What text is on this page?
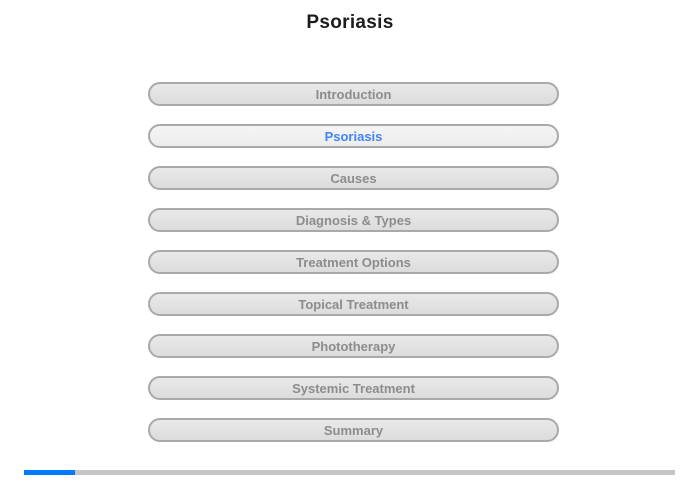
Psoriasis
Introduction
Psoriasis
Causes
Diagnosis & Types
Treatment Options
Topical Treatment
Phototherapy
Systemic Treatment
Summary
